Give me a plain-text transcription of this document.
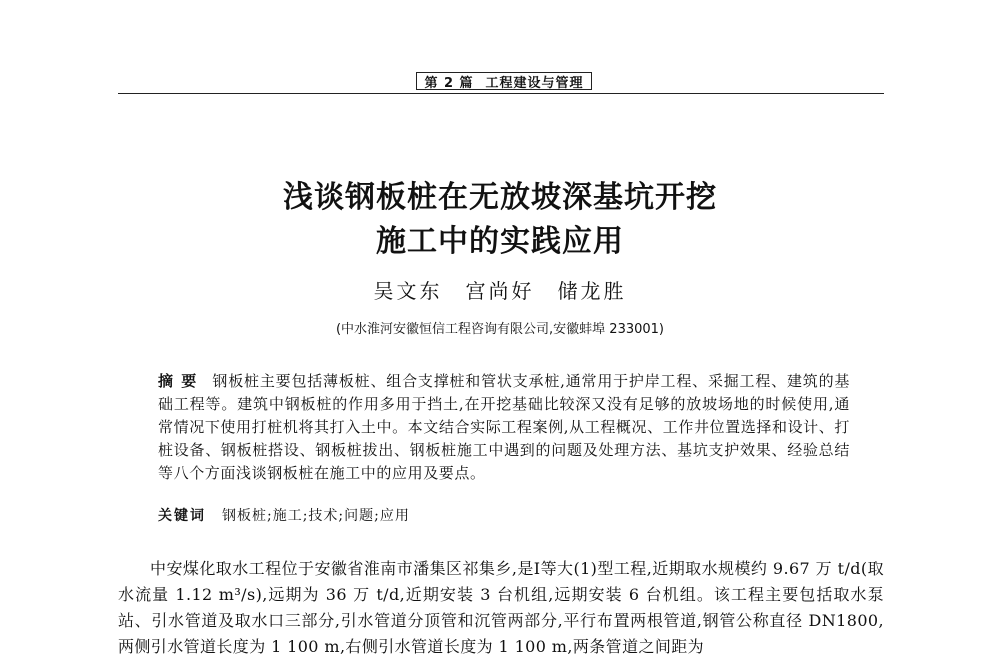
第 2 篇 工程建设与管理
浅谈钢板桩在无放坡深基坑开挖
施工中的实践应用
吴文东　宫尚好　储龙胜
(中水淮河安徽恒信工程咨询有限公司,安徽蚌埠 233001)
摘要 钢板桩主要包括薄板桩、组合支撑桩和管状支承桩,通常用于护岸工程、采掘工程、建筑的基础工程等。建筑中钢板桩的作用多用于挡土,在开挖基础比较深又没有足够的放坡场地的时候使用,通常情况下使用打桩机将其打入土中。本文结合实际工程案例,从工程概况、工作井位置选择和设计、打桩设备、钢板桩搭设、钢板桩拔出、钢板桩施工中遇到的问题及处理方法、基坑支护效果、经验总结等八个方面浅谈钢板桩在施工中的应用及要点。
关键词 钢板桩;施工;技术;问题;应用
中安煤化取水工程位于安徽省淮南市潘集区祁集乡,是Ⅰ等大(1)型工程,近期取水规模约 9.67 万 t/d(取水流量 1.12 m³/s),远期为 36 万 t/d,近期安装 3 台机组,远期安装 6 台机组。该工程主要包括取水泵站、引水管道及取水口三部分,引水管道分顶管和沉管两部分,平行布置两根管道,钢管公称直径 DN1800,两侧引水管道长度为 1 100 m,右侧引水管道长度为 1 100 m,两条管道之间距为
